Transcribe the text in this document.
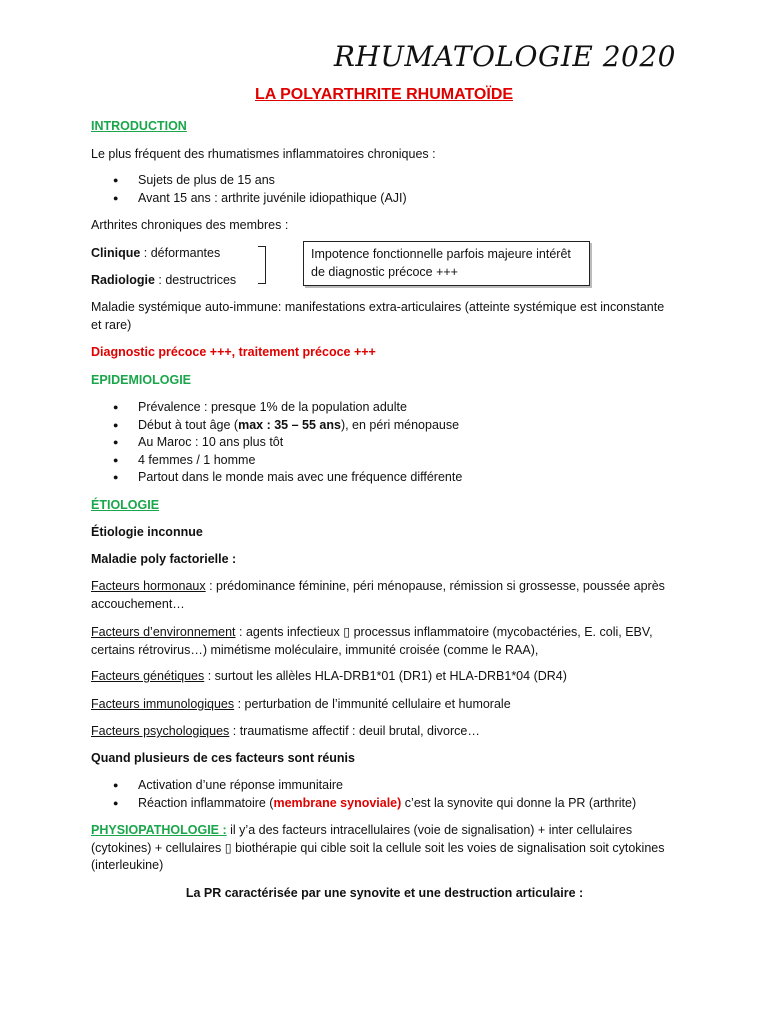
RHUMATOLOGIE 2020
LA POLYARTHRITE RHUMATOÏDE
INTRODUCTION
Le plus fréquent des rhumatismes inflammatoires chroniques :
● Sujets de plus de 15 ans
● Avant 15 ans : arthrite juvénile idiopathique (AJI)
Arthrites chroniques des membres :
Clinique : déformantes
Radiologie : destructrices
Impotence fonctionnelle parfois majeure intérêt de diagnostic précoce +++
Maladie systémique auto-immune: manifestations extra-articulaires (atteinte systémique est inconstante et rare)
Diagnostic précoce +++, traitement précoce +++
EPIDEMIOLOGIE
● Prévalence : presque 1% de la population adulte
● Début à tout âge (max : 35 – 55 ans), en péri ménopause
● Au Maroc : 10 ans plus tôt
● 4 femmes / 1 homme
● Partout dans le monde mais avec une fréquence différente
ÉTIOLOGIE
Étiologie inconnue
Maladie poly factorielle :
Facteurs hormonaux : prédominance féminine, péri ménopause, rémission si grossesse, poussée après accouchement…
Facteurs d’environnement : agents infectieux ▯ processus inflammatoire (mycobactéries, E. coli, EBV, certains rétrovirus…) mimétisme moléculaire, immunité croisée (comme le RAA),
Facteurs génétiques : surtout les allèles HLA-DRB1*01 (DR1) et HLA-DRB1*04 (DR4)
Facteurs immunologiques : perturbation de l’immunité cellulaire et humorale
Facteurs psychologiques : traumatisme affectif : deuil brutal, divorce…
Quand plusieurs de ces facteurs sont réunis
● Activation d’une réponse immunitaire
● Réaction inflammatoire (membrane synoviale) c’est la synovite qui donne la PR (arthrite)
PHYSIOPATHOLOGIE : il y’a des facteurs intracellulaires (voie de signalisation) + inter cellulaires (cytokines) + cellulaires ▯ biothérapie qui cible soit la cellule soit les voies de signalisation soit cytokines (interleukine)
La PR caractérisée par une synovite et une destruction articulaire :
